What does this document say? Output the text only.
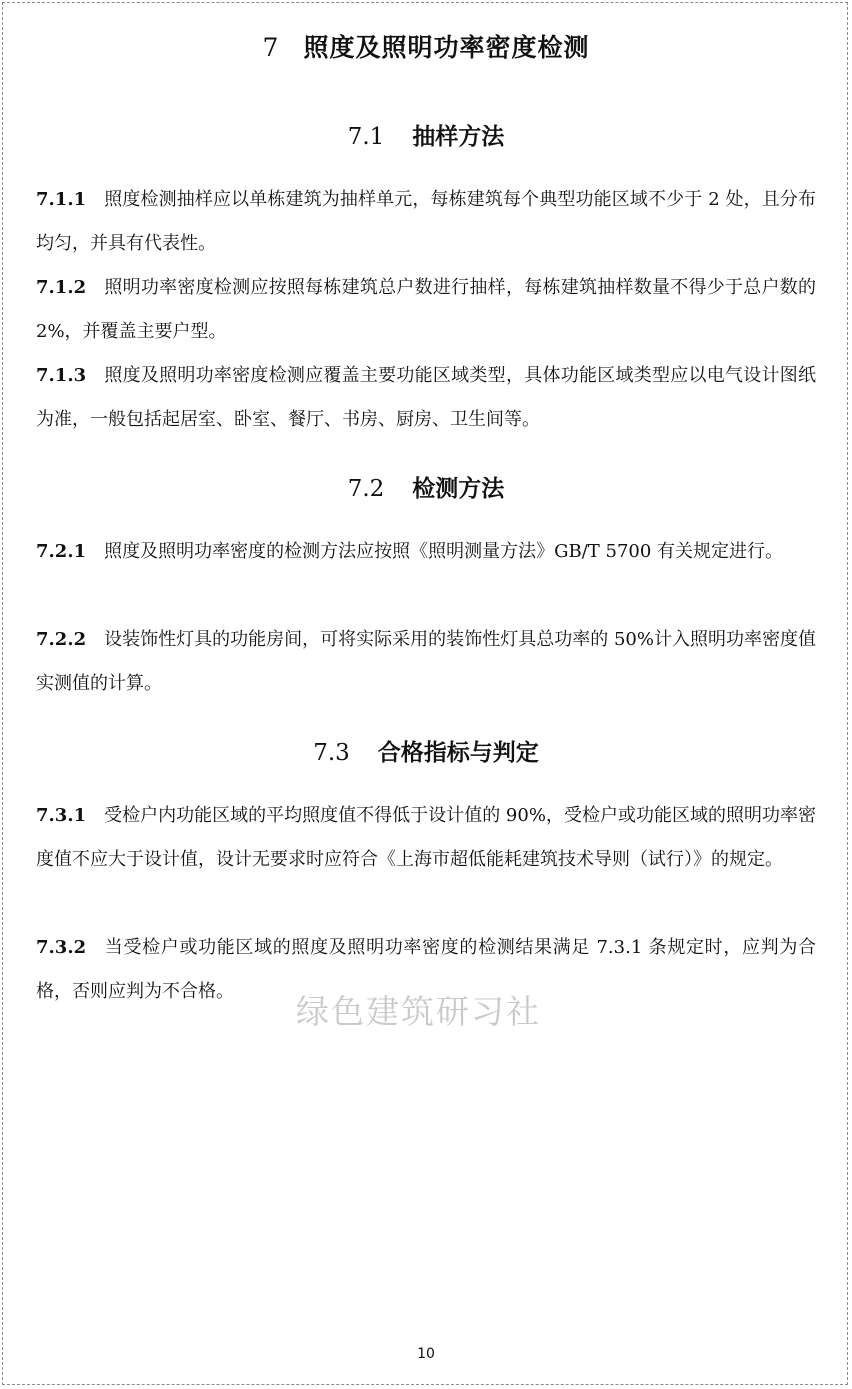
7 照度及照明功率密度检测
7.1 抽样方法

7.1.1 照度检测抽样应以单栋建筑为抽样单元，每栋建筑每个典型功能区域不少于 2 处，且分布均匀，并具有代表性。

7.1.2 照明功率密度检测应按照每栋建筑总户数进行抽样，每栋建筑抽样数量不得少于总户数的 2%，并覆盖主要户型。

7.1.3 照度及照明功率密度检测应覆盖主要功能区域类型，具体功能区域类型应以电气设计图纸为准，一般包括起居室、卧室、餐厅、书房、厨房、卫生间等。

7.2 检测方法

7.2.1 照度及照明功率密度的检测方法应按照《照明测量方法》GB/T 5700 有关规定进行。

7.2.2 设装饰性灯具的功能房间，可将实际采用的装饰性灯具总功率的 50%计入照明功率密度值实测值的计算。

7.3 合格指标与判定

7.3.1 受检户内功能区域的平均照度值不得低于设计值的 90%，受检户或功能区域的照明功率密度值不应大于设计值，设计无要求时应符合《上海市超低能耗建筑技术导则（试行）》的规定。

7.3.2 当受检户或功能区域的照度及照明功率密度的检测结果满足 7.3.1 条规定时，应判为合格，否则应判为不合格。

绿色建筑研习社
10
